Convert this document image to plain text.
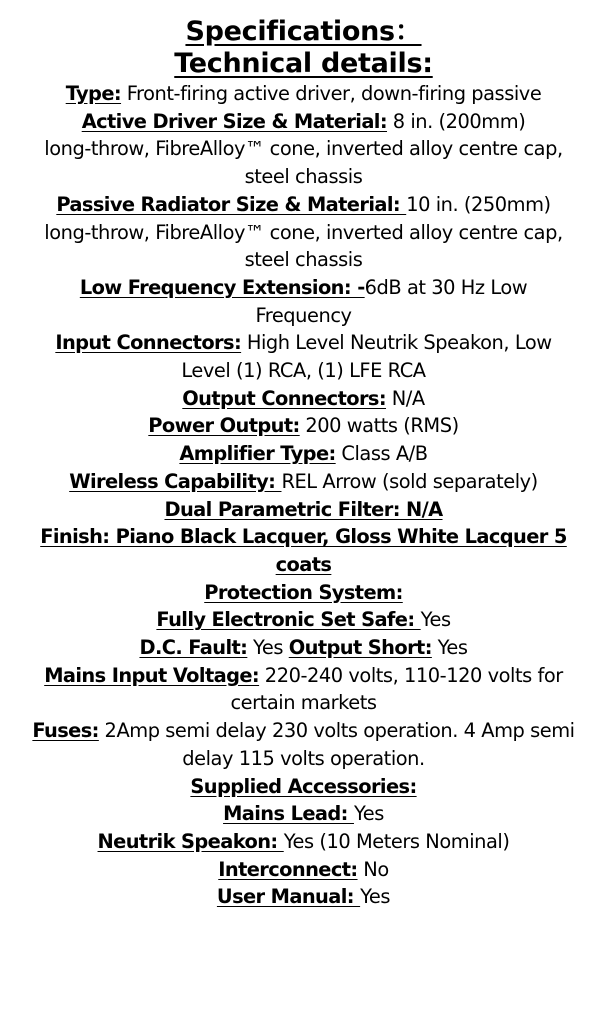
Specifications：
Technical details:
Type: Front-firing active driver, down-firing passive
Active Driver Size & Material: 8 in. (200mm)
long-throw, FibreAlloy™ cone, inverted alloy centre cap,
steel chassis
Passive Radiator Size & Material: 10 in. (250mm)
long-throw, FibreAlloy™ cone, inverted alloy centre cap,
steel chassis
Low Frequency Extension: -6dB at 30 Hz Low
Frequency
Input Connectors: High Level Neutrik Speakon, Low
Level (1) RCA, (1) LFE RCA
Output Connectors: N/A
Power Output: 200 watts (RMS)
Amplifier Type: Class A/B
Wireless Capability: REL Arrow (sold separately)
Dual Parametric Filter: N/A
Finish: Piano Black Lacquer, Gloss White Lacquer 5
coats
Protection System:
Fully Electronic Set Safe: Yes
D.C. Fault: Yes Output Short: Yes
Mains Input Voltage: 220-240 volts, 110-120 volts for
certain markets
Fuses: 2Amp semi delay 230 volts operation. 4 Amp semi
delay 115 volts operation.
Supplied Accessories:
Mains Lead: Yes
Neutrik Speakon: Yes (10 Meters Nominal)
Interconnect: No
User Manual: Yes
